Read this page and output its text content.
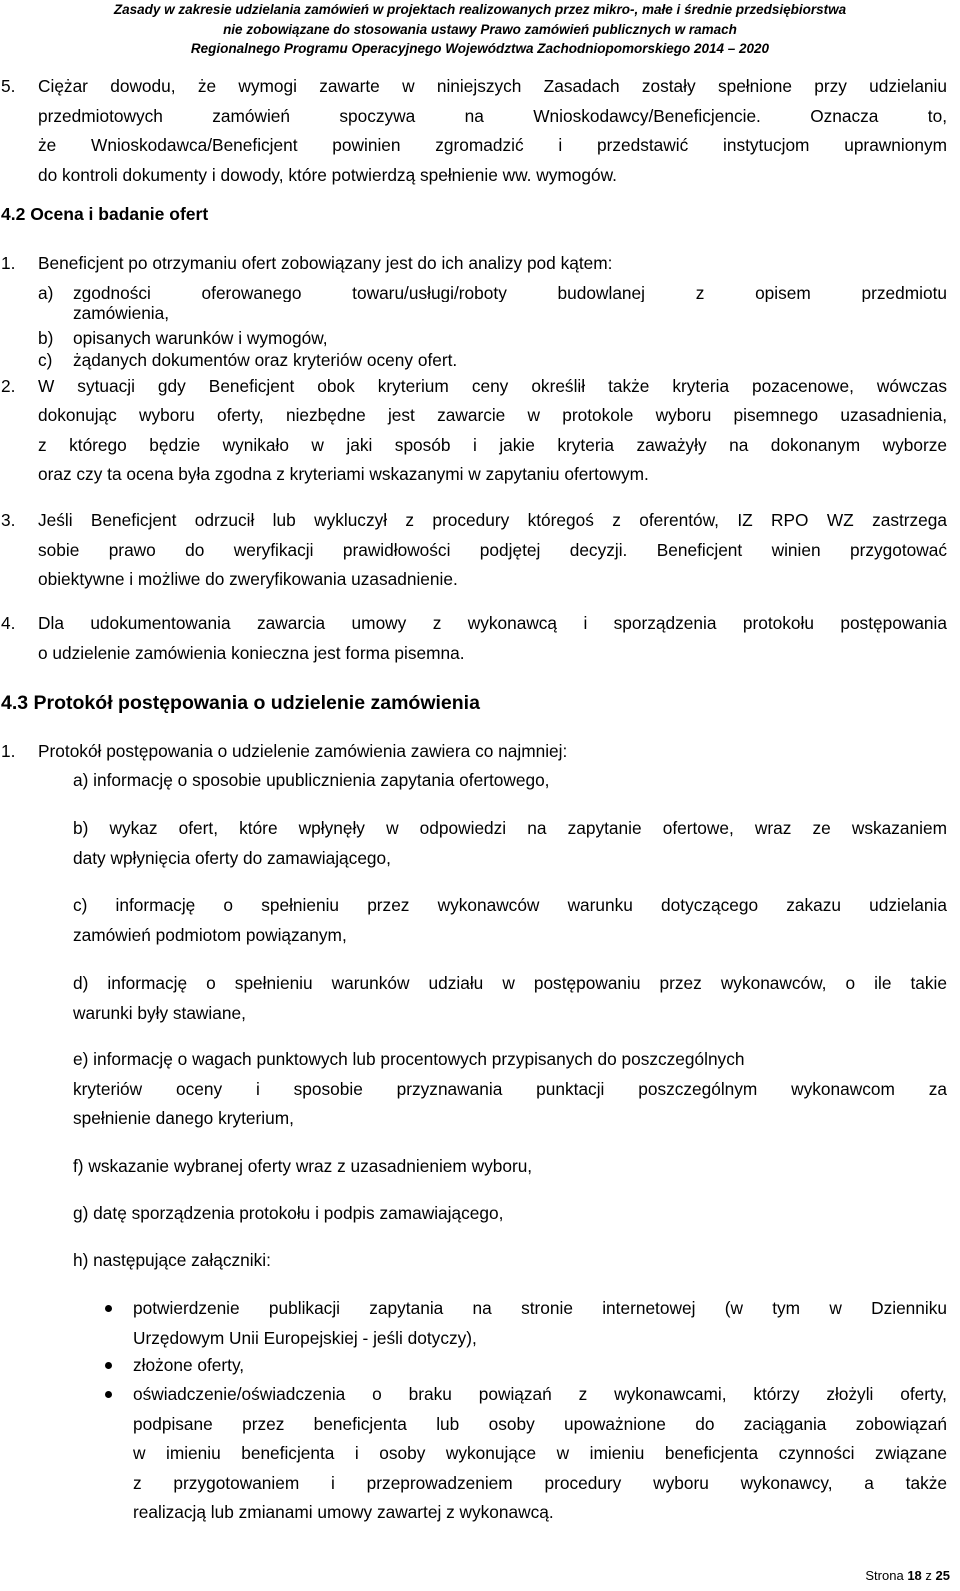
Zasady w zakresie udzielania zamówień w projektach realizowanych przez mikro-, małe i średnie przedsiębiorstwa
nie zobowiązane do stosowania ustawy Prawo zamówień publicznych w ramach
Regionalnego Programu Operacyjnego Województwa Zachodniopomorskiego 2014 – 2020
5. Ciężar dowodu, że wymogi zawarte w niniejszych Zasadach zostały spełnione przy udzielaniu
przedmiotowych zamówień spoczywa na Wnioskodawcy/Beneficjencie. Oznacza to,
że Wnioskodawca/Beneficjent powinien zgromadzić i przedstawić instytucjom uprawnionym
do kontroli dokumenty i dowody, które potwierdzą spełnienie ww. wymogów.
4.2 Ocena i badanie ofert
1. Beneficjent po otrzymaniu ofert zobowiązany jest do ich analizy pod kątem:
a) zgodności oferowanego towaru/usługi/roboty budowlanej z opisem przedmiotu
zamówienia,
b) opisanych warunków i wymogów,
c) żądanych dokumentów oraz kryteriów oceny ofert.
2. W sytuacji gdy Beneficjent obok kryterium ceny określił także kryteria pozacenowe, wówczas
dokonując wyboru oferty, niezbędne jest zawarcie w protokole wyboru pisemnego uzasadnienia,
z którego będzie wynikało w jaki sposób i jakie kryteria zaważyły na dokonanym wyborze
oraz czy ta ocena była zgodna z kryteriami wskazanymi w zapytaniu ofertowym.
3. Jeśli Beneficjent odrzucił lub wykluczył z procedury któregoś z oferentów, IZ RPO WZ zastrzega
sobie prawo do weryfikacji prawidłowości podjętej decyzji. Beneficjent winien przygotować
obiektywne i możliwe do zweryfikowania uzasadnienie.
4. Dla udokumentowania zawarcia umowy z wykonawcą i sporządzenia protokołu postępowania
o udzielenie zamówienia konieczna jest forma pisemna.
4.3 Protokół postępowania o udzielenie zamówienia
1. Protokół postępowania o udzielenie zamówienia zawiera co najmniej:
a) informację o sposobie upublicznienia zapytania ofertowego,
b) wykaz ofert, które wpłynęły w odpowiedzi na zapytanie ofertowe, wraz ze wskazaniem
daty wpłynięcia oferty do zamawiającego,
c) informację o spełnieniu przez wykonawców warunku dotyczącego zakazu udzielania
zamówień podmiotom powiązanym,
d) informację o spełnieniu warunków udziału w postępowaniu przez wykonawców, o ile takie
warunki były stawiane,
e) informację o wagach punktowych lub procentowych przypisanych do poszczególnych
kryteriów oceny i sposobie przyznawania punktacji poszczególnym wykonawcom za
spełnienie danego kryterium,
f) wskazanie wybranej oferty wraz z uzasadnieniem wyboru,
g) datę sporządzenia protokołu i podpis zamawiającego,
h) następujące załączniki:
potwierdzenie publikacji zapytania na stronie internetowej (w tym w Dzienniku
Urzędowym Unii Europejskiej - jeśli dotyczy),
złożone oferty,
oświadczenie/oświadczenia o braku powiązań z wykonawcami, którzy złożyli oferty,
podpisane przez beneficjenta lub osoby upoważnione do zaciągania zobowiązań
w imieniu beneficjenta i osoby wykonujące w imieniu beneficjenta czynności związane
z przygotowaniem i przeprowadzeniem procedury wyboru wykonawcy, a także
realizacją lub zmianami umowy zawartej z wykonawcą.
Strona 18 z 25
